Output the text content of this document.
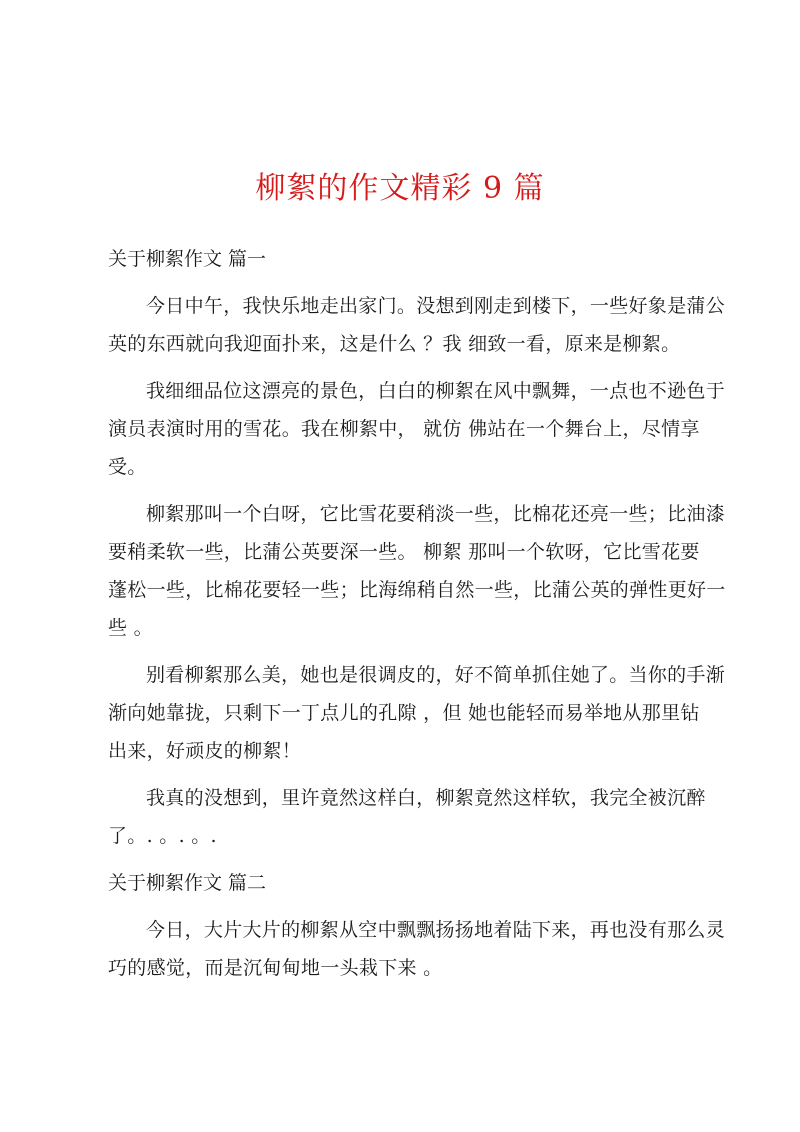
柳絮的作文精彩 9 篇

关于柳絮作文 篇一

今日中午，我快乐地走出家门。没想到刚走到楼下，一些好象是蒲公

英的东西就向我迎面扑来，这是什么 ？我 细致一看，原来是柳絮。

我细细品位这漂亮的景色，白白的柳絮在风中飘舞，一点也不逊色于

演员表演时用的雪花。我在柳絮中， 就仿 佛站在一个舞台上，尽情享

受。

柳絮那叫一个白呀，它比雪花要稍淡一些，比棉花还亮一些；比油漆

要稍柔软一些，比蒲公英要深一些。 柳絮 那叫一个软呀，它比雪花要

蓬松一些，比棉花要轻一些；比海绵稍自然一些，比蒲公英的弹性更好一

些 。

别看柳絮那么美，她也是很调皮的，好不简单抓住她了。当你的手渐

渐向她靠拢，只剩下一丁点儿的孔隙 ，但 她也能轻而易举地从那里钻

出来，好顽皮的柳絮！

我真的没想到，里许竟然这样白，柳絮竟然这样软，我完全被沉醉

了。. 。. 。.

关于柳絮作文 篇二

今日，大片大片的柳絮从空中飘飘扬扬地着陆下来，再也没有那么灵

巧的感觉，而是沉甸甸地一头栽下来 。
